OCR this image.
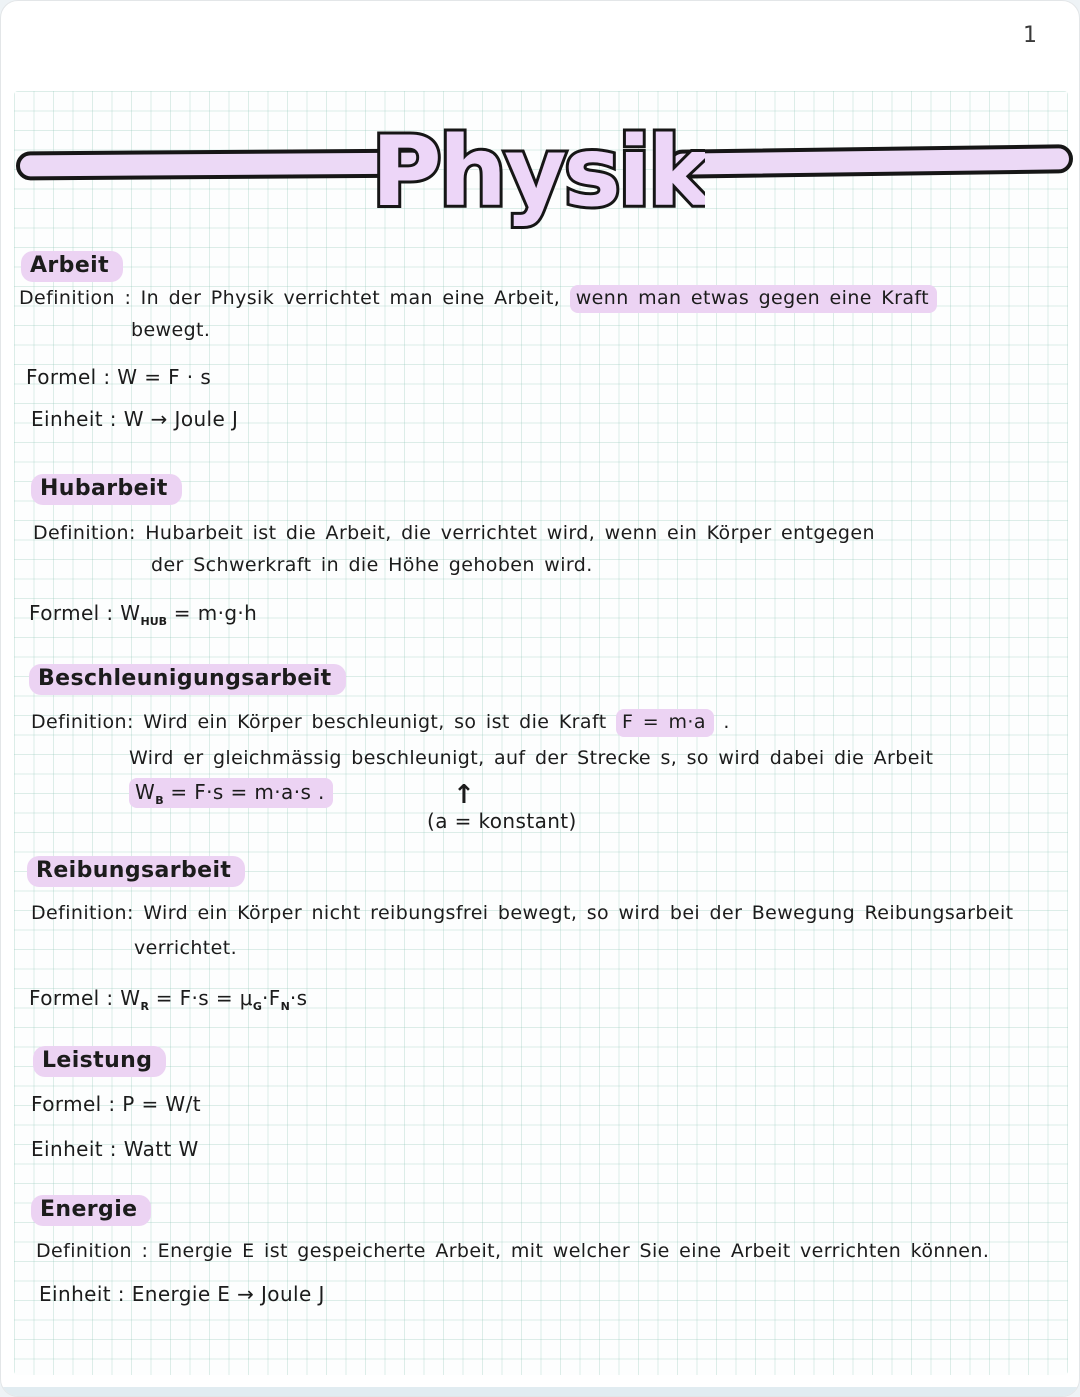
1
Physik
Arbeit
Definition : In der Physik verrichtet man eine Arbeit, wenn man etwas gegen eine Kraft
bewegt.
Formel : W = F · s
Einheit : W → Joule J
Hubarbeit
Definition: Hubarbeit ist die Arbeit, die verrichtet wird, wenn ein Körper entgegen
der Schwerkraft in die Höhe gehoben wird.
Formel : $W_{HUB} = m\cdot g\cdot h$
Beschleunigungsarbeit
Definition: Wird ein Körper beschleunigt, so ist die Kraft F = m·a .
Wird er gleichmässig beschleunigt, auf der Strecke s, so wird dabei die Arbeit
$W_B = F\cdot s = m\cdot a\cdot s$ .	↑
(a = konstant)
Reibungsarbeit
Definition: Wird ein Körper nicht reibungsfrei bewegt, so wird bei der Bewegung Reibungsarbeit
verrichtet.
Formel : $W_R = F\cdot s = \mu_G\cdot F_N\cdot s$
Leistung
Formel : P = W/t
Einheit : Watt W
Energie
Definition : Energie E ist gespeicherte Arbeit, mit welcher Sie eine Arbeit verrichten können.
Einheit : Energie E → Joule J
